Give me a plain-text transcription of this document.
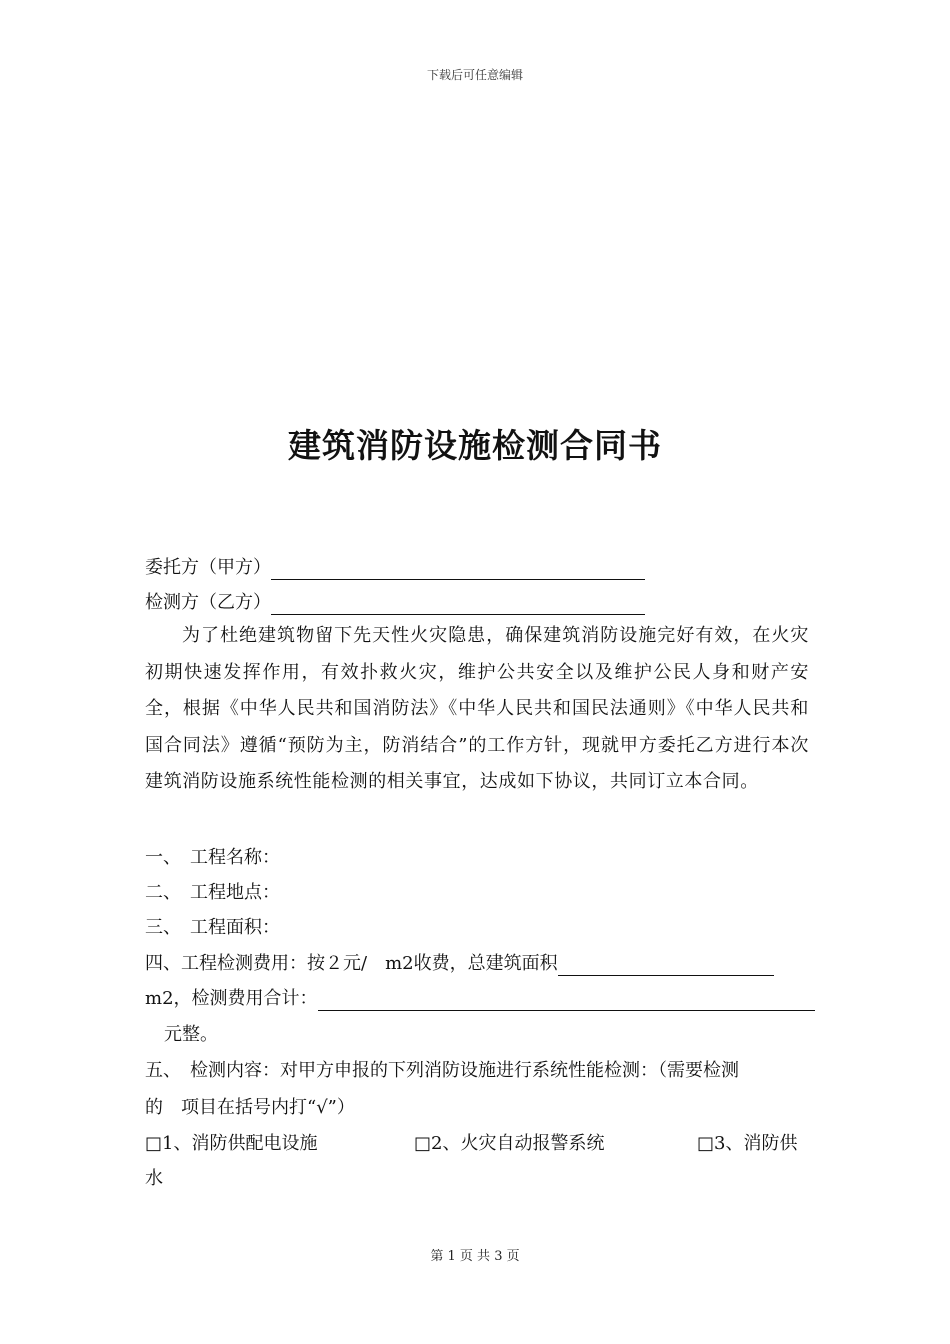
下载后可任意编辑
建筑消防设施检测合同书
委托方（甲方）
检测方（乙方）
为了杜绝建筑物留下先天性火灾隐患，确保建筑消防设施完好有效，在火灾初期快速发挥作用，有效扑救火灾，维护公共安全以及维护公民人身和财产安全，根据《中华人民共和国消防法》《中华人民共和国民法通则》《中华人民共和国合同法》遵循“预防为主，防消结合”的工作方针，现就甲方委托乙方进行本次建筑消防设施系统性能检测的相关事宜，达成如下协议，共同订立本合同。
一、　工程名称：
二、　工程地点：
三、　工程面积：
四、工程检测费用：按２元/　m2收费，总建筑面积
m2，检测费用合计：
元整。
五、　检测内容：对甲方申报的下列消防设施进行系统性能检测：（需要检测
的　项目在括号内打“√”）
□1、消防供配电设施	□2、火灾自动报警系统	□3、消防供
水
第 1 页 共 3 页
